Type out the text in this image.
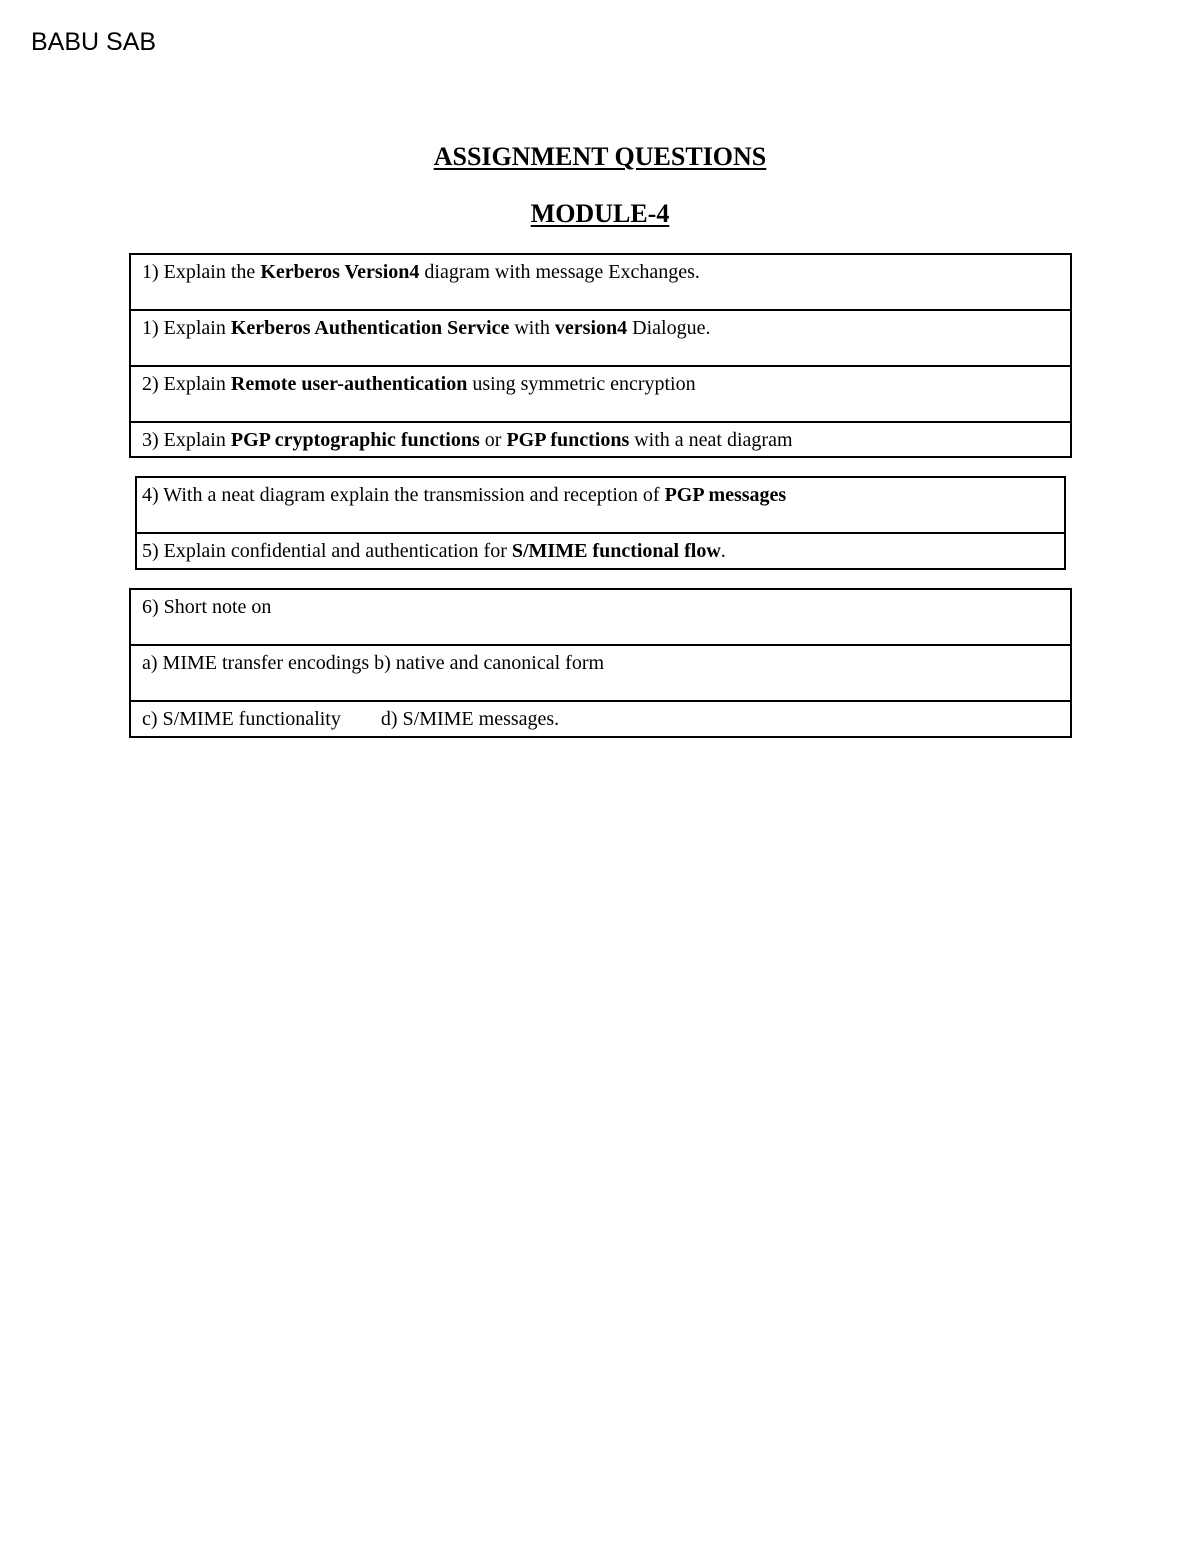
BABU SAB
ASSIGNMENT QUESTIONS
MODULE-4
1) Explain the Kerberos Version4 diagram with message Exchanges.
1) Explain Kerberos Authentication Service with version4 Dialogue.
2) Explain Remote user-authentication using symmetric encryption
3) Explain PGP cryptographic functions or PGP functions with a neat diagram
4) With a neat diagram explain the transmission and reception of PGP messages
5) Explain confidential and authentication for S/MIME functional flow.
6) Short note on
a) MIME transfer encodings b) native and canonical form
c) S/MIME functionality d) S/MIME messages.
